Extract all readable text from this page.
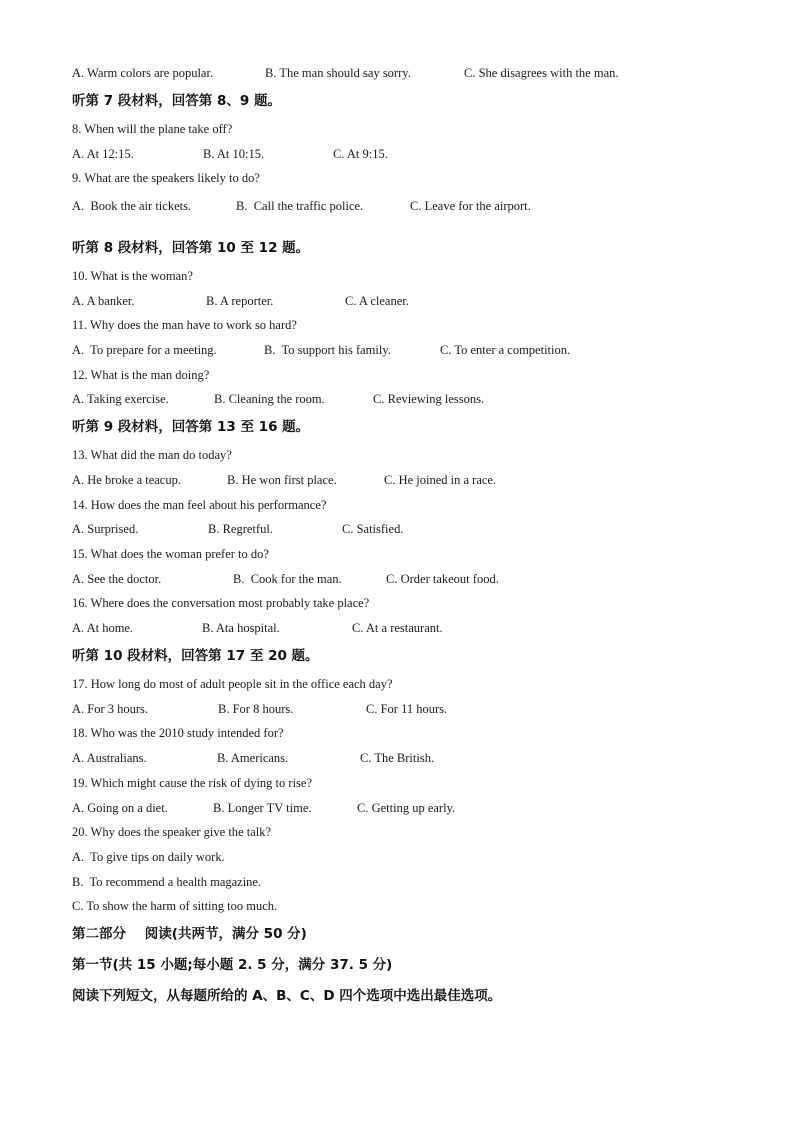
A. Warm colors are popular.	B. The man should say sorry.	C. She disagrees with the man.
听第 7 段材料，回答第 8、9 题。
8. When will the plane take off?
A. At 12:15.	B. At 10:15.	C. At 9:15.
9. What are the speakers likely to do?
A.  Book the air tickets.	B.  Call the traffic police.	C. Leave for the airport.
听第 8 段材料，回答第 10 至 12 题。
10. What is the woman?
A. A banker.	B. A reporter.	C. A cleaner.
11. Why does the man have to work so hard?
A.  To prepare for a meeting.	B.  To support his family.	C. To enter a competition.
12. What is the man doing?
A. Taking exercise.	B. Cleaning the room.	C. Reviewing lessons.
听第 9 段材料，回答第 13 至 16 题。
13. What did the man do today?
A. He broke a teacup.	B. He won first place.	C. He joined in a race.
14. How does the man feel about his performance?
A. Surprised.	B. Regretful.	C. Satisfied.
15. What does the woman prefer to do?
A. See the doctor.	B.  Cook for the man.	C. Order takeout food.
16. Where does the conversation most probably take place?
A. At home.	B. Ata hospital.	C. At a restaurant.
听第 10 段材料，回答第 17 至 20 题。
17. How long do most of adult people sit in the office each day?
A. For 3 hours.	B. For 8 hours.	C. For 11 hours.
18. Who was the 2010 study intended for?
A. Australians.	B. Americans.	C. The British.
19. Which might cause the risk of dying to rise?
A. Going on a diet.	B. Longer TV time.	C. Getting up early.
20. Why does the speaker give the talk?
A.  To give tips on daily work.
B.  To recommend a health magazine.
C. To show the harm of sitting too much.
第二部分    阅读(共两节，满分 50 分)
第一节(共 15 小题;每小题 2. 5 分，满分 37. 5 分)
阅读下列短文，从每题所给的 A、B、C、D 四个选项中选出最佳选项。
